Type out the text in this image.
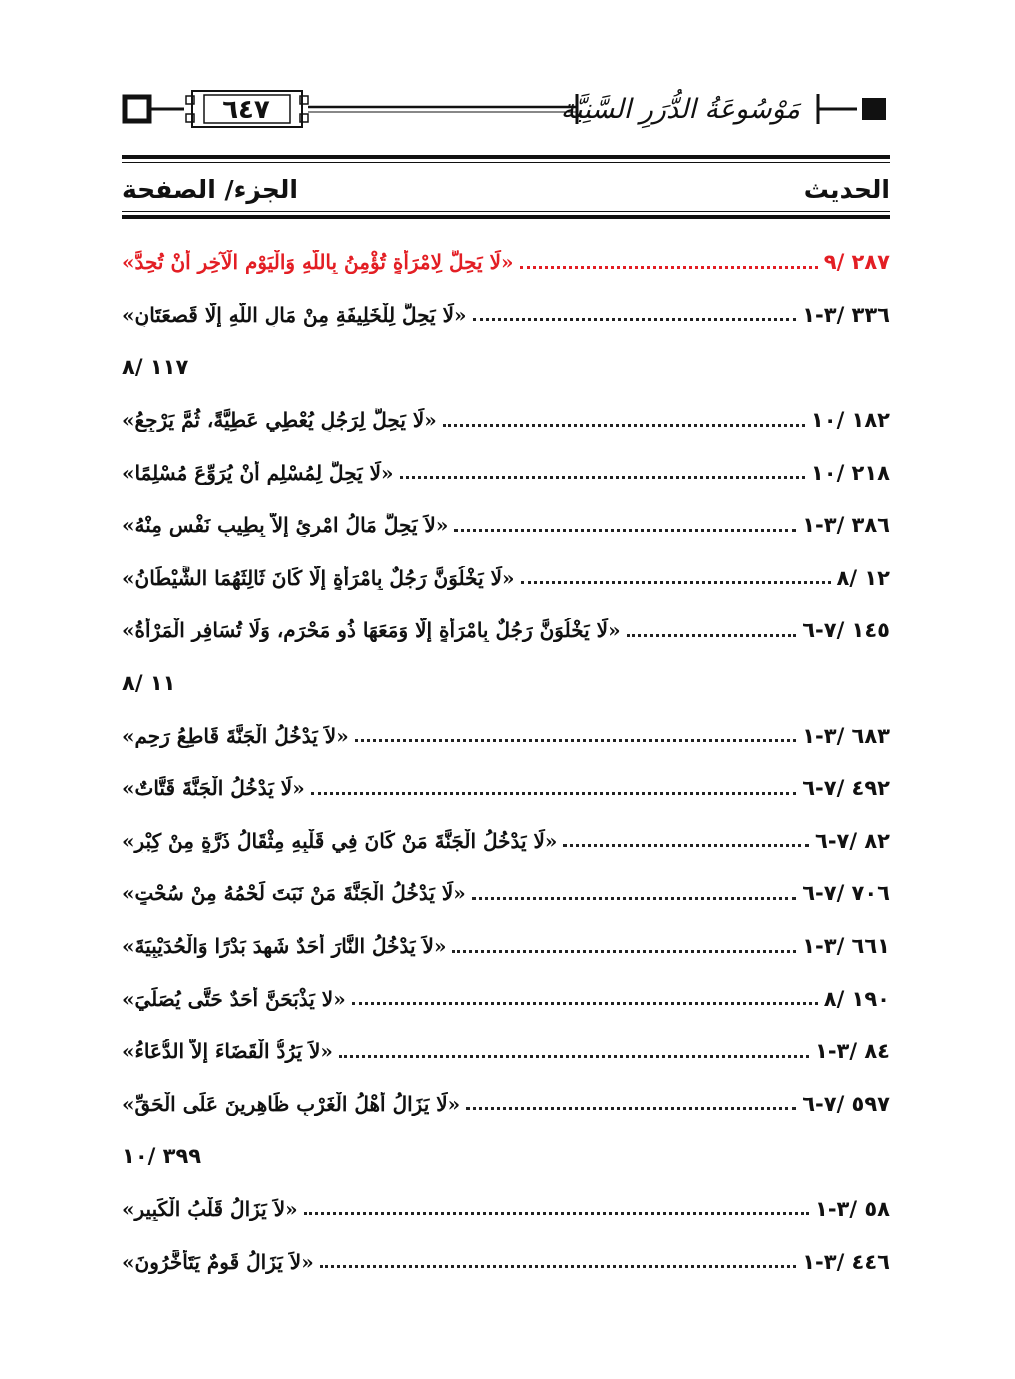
٦٤٧	مَوْسُوعَةُ الدُّرَرِ السَّنِيَّة
الحديث
الجزء/ الصفحة
«لَا يَحِلُّ لِامْرَأَةٍ تُؤْمِنُ بِاللَّهِ وَالْيَوْمِ الْآخِرِ أَنْ تُحِدَّ»	٢٨٧ /٩
«لَا يَحِلُّ لِلْخَلِيفَةِ مِنْ مَالِ اللَّهِ إِلَّا قَصعَتَانِ»	٣٣٦ /٣-١
١١٧ /٨
«لَا يَحِلُّ لِرَجُلٍ يُعْطِي عَطِيَّةً، ثُمَّ يَرْجِعُ»	١٨٢ /١٠
«لَا يَحِلُّ لِمُسْلِمٍ أَنْ يُرَوِّعَ مُسْلِمًا»	٢١٨ /١٠
«لاَ يَحِلُّ مَالُ امْرِئٍ إِلاَّ بِطِيبِ نَفْسٍ مِنْهُ»	٣٨٦ /٣-١
«لَا يَخْلُوَنَّ رَجُلٌ بِامْرَأَةٍ إِلَّا كَانَ ثَالِثَهُمَا الشَّيْطَانُ»	١٢ /٨
«لَا يَخْلُوَنَّ رَجُلٌ بِامْرَأَةٍ إِلَّا وَمَعَهَا ذُو مَحْرَمٍ، وَلَا تُسَافِرِ الْمَرْأَةُ»	١٤٥ /٧-٦
١١ /٨
«لاَ يَدْخُلُ الْجَنَّةَ قَاطِعُ رَحِمٍ»	٦٨٣ /٣-١
«لَا يَدْخُلُ الْجَنَّةَ قَتَّاتٌ»	٤٩٢ /٧-٦
«لَا يَدْخُلُ الْجَنَّةَ مَنْ كَانَ فِي قَلْبِهِ مِثْقَالُ ذَرَّةٍ مِنْ كِبْرٍ»	٨٢ /٧-٦
«لَا يَدْخُلُ الْجَنَّةَ مَنْ نَبَتَ لَحْمُهُ مِنْ سُحْتٍ»	٧٠٦ /٧-٦
«لاَ يَدْخُلُ النَّارَ أَحَدٌ شَهِدَ بَدْرًا وَالْحُدَيْبِيَةَ»	٦٦١ /٣-١
«لا يَذْبَحَنَّ أَحَدٌ حَتَّى يُصَلِّيَ»	١٩٠ /٨
«لاَ يَرُدُّ الْقَضَاءَ إِلاَّ الدُّعَاءُ»	٨٤ /٣-١
«لَا يَزَالُ أَهْلُ الْغَرْبِ ظَاهِرِينَ عَلَى الْحَقِّ»	٥٩٧ /٧-٦
٣٩٩ /١٠
«لاَ يَزَالُ قَلْبُ الْكَبِيرِ»	٥٨ /٣-١
«لاَ يَزَالُ قَومٌ يَتَأَخَّرُونَ»	٤٤٦ /٣-١
